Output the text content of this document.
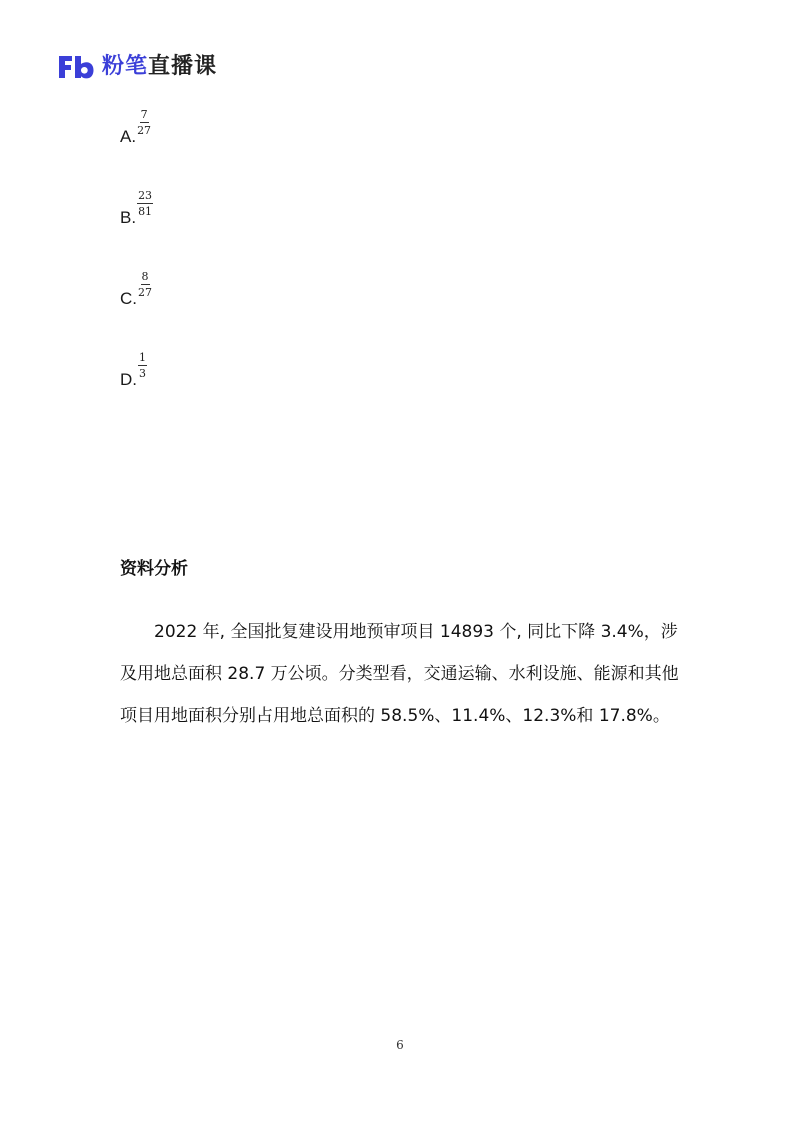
粉笔直播课
A. $\frac{7}{27}$
B. $\frac{23}{81}$
C. $\frac{8}{27}$
D. $\frac{1}{3}$
资料分析

2022 年, 全国批复建设用地预审项目 14893 个, 同比下降 3.4%，涉及用地总面积 28.7 万公顷。分类型看，交通运输、水利设施、能源和其他项目用地面积分别占用地总面积的 58.5%、11.4%、12.3%和 17.8%。

6
